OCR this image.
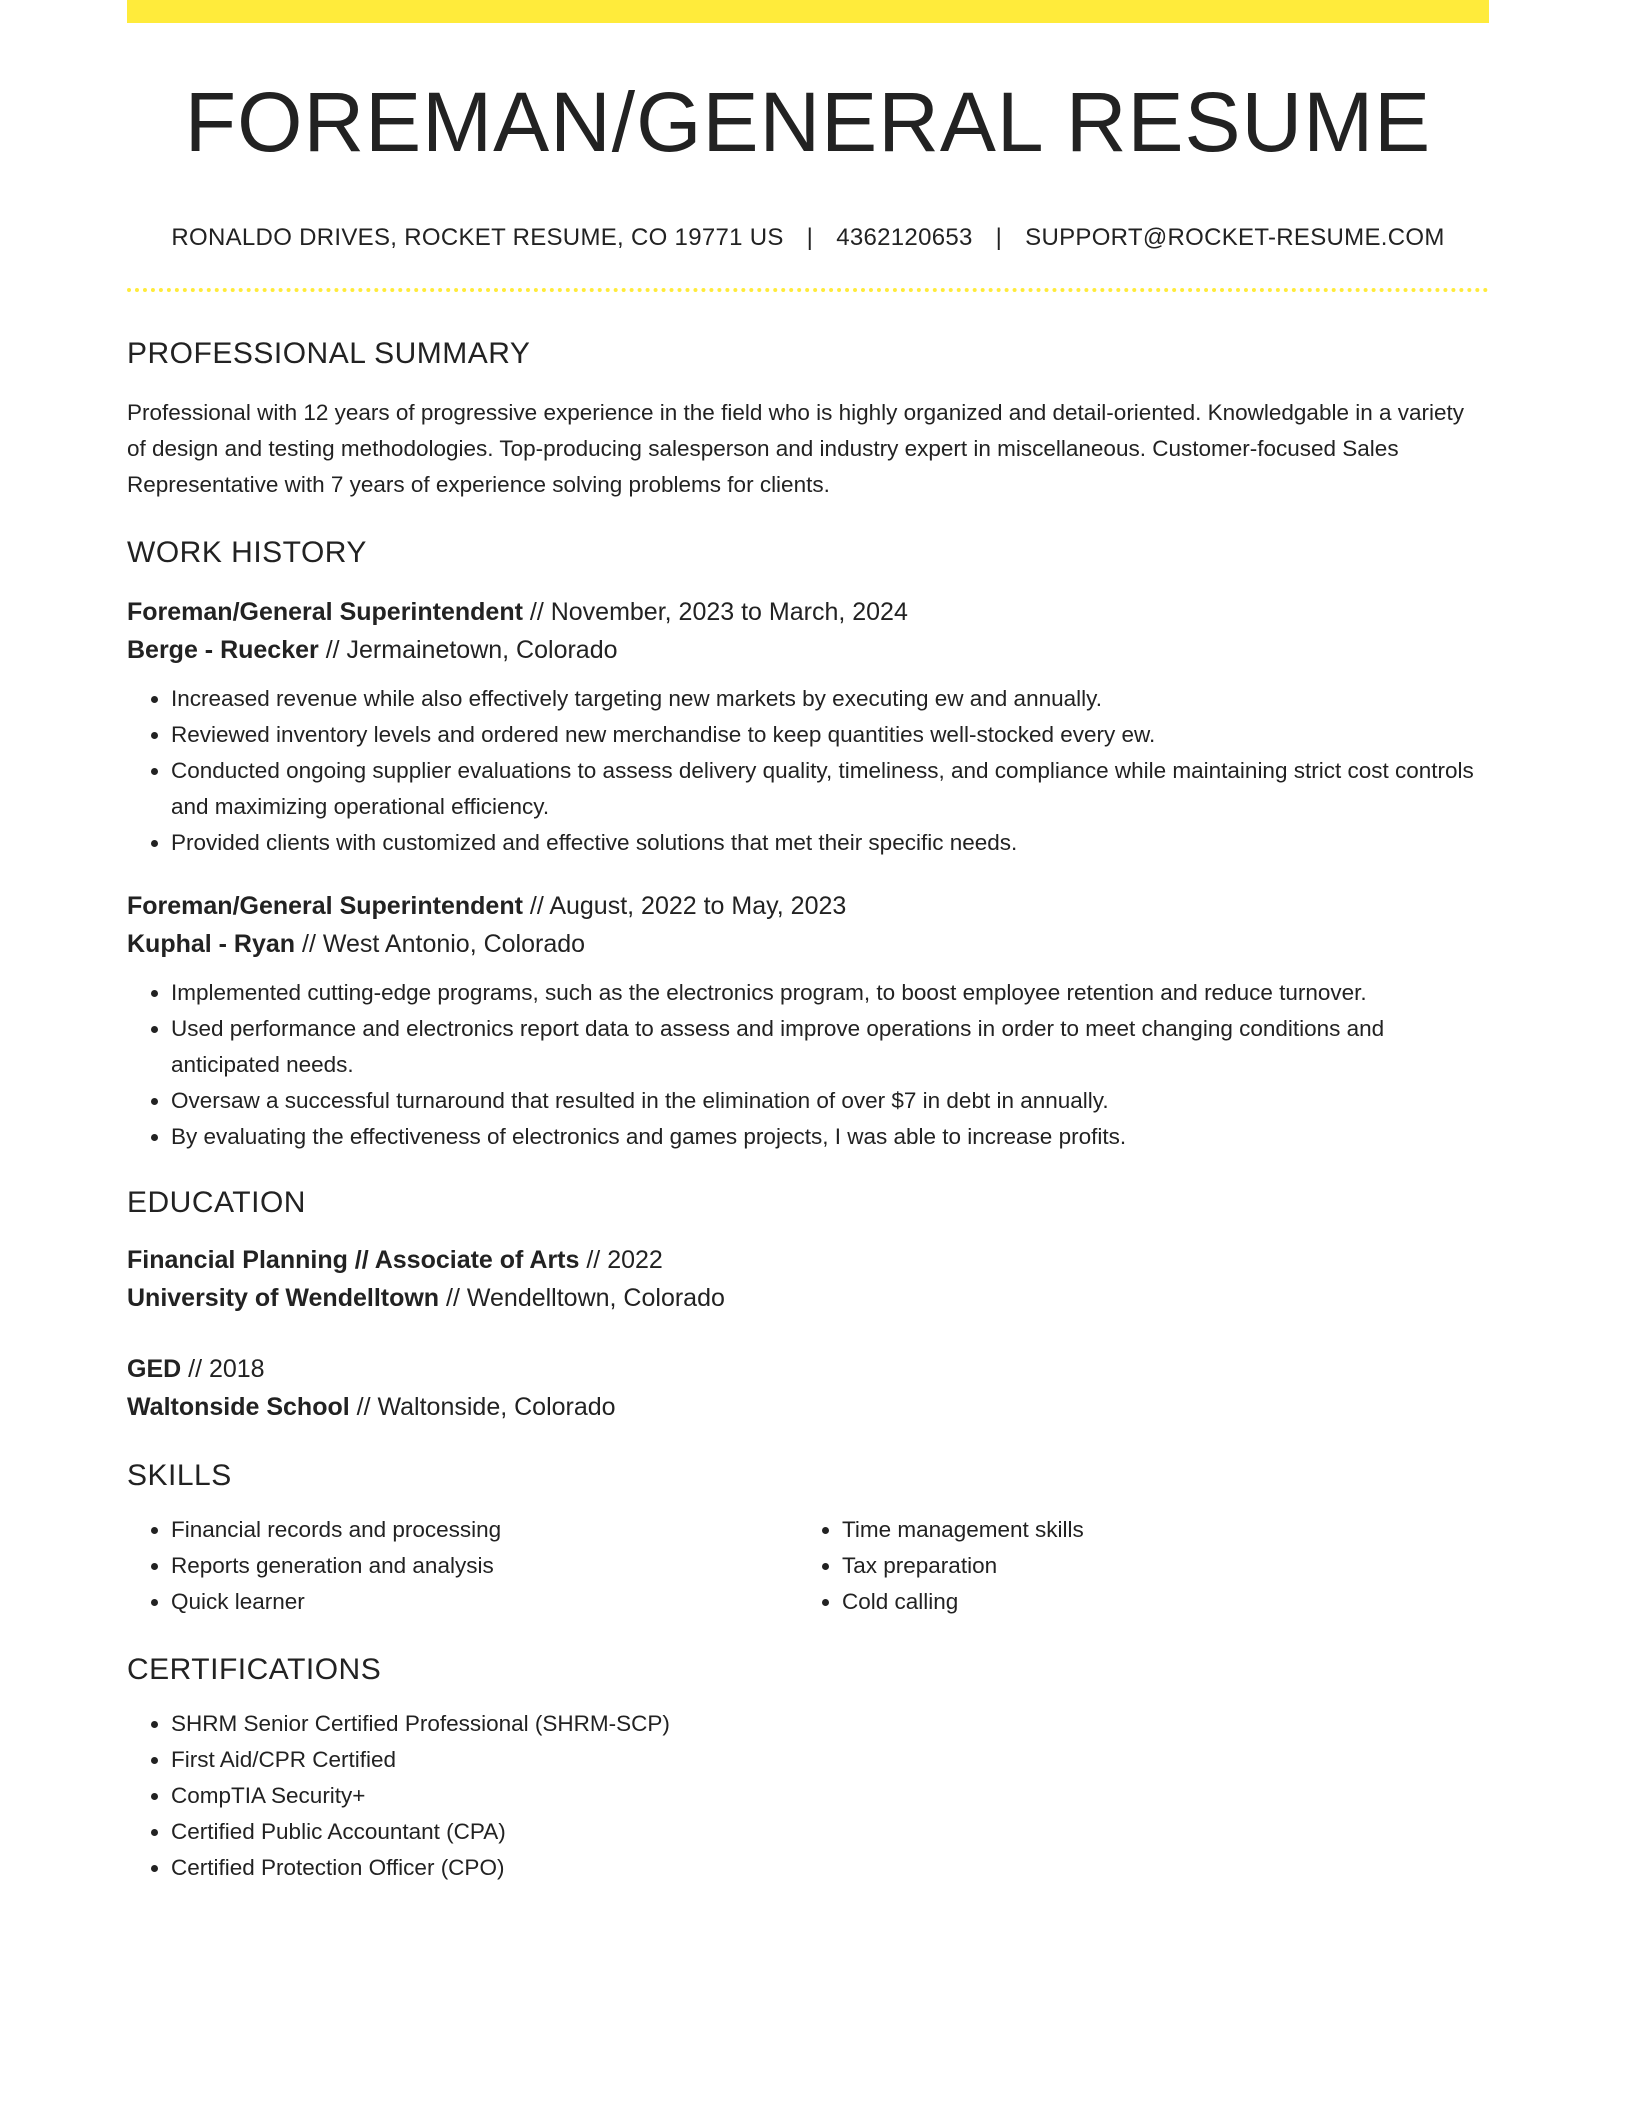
FOREMAN/GENERAL RESUME
RONALDO DRIVES, ROCKET RESUME, CO 19771 US | 4362120653 | SUPPORT@ROCKET-RESUME.COM
PROFESSIONAL SUMMARY
Professional with 12 years of progressive experience in the field who is highly organized and detail-oriented. Knowledgable in a variety of design and testing methodologies. Top-producing salesperson and industry expert in miscellaneous. Customer-focused Sales Representative with 7 years of experience solving problems for clients.
WORK HISTORY
Foreman/General Superintendent // November, 2023 to March, 2024
Berge - Ruecker // Jermainetown, Colorado
• Increased revenue while also effectively targeting new markets by executing ew and annually.
• Reviewed inventory levels and ordered new merchandise to keep quantities well-stocked every ew.
• Conducted ongoing supplier evaluations to assess delivery quality, timeliness, and compliance while maintaining strict cost controls and maximizing operational efficiency.
• Provided clients with customized and effective solutions that met their specific needs.
Foreman/General Superintendent // August, 2022 to May, 2023
Kuphal - Ryan // West Antonio, Colorado
• Implemented cutting-edge programs, such as the electronics program, to boost employee retention and reduce turnover.
• Used performance and electronics report data to assess and improve operations in order to meet changing conditions and anticipated needs.
• Oversaw a successful turnaround that resulted in the elimination of over $7 in debt in annually.
• By evaluating the effectiveness of electronics and games projects, I was able to increase profits.
EDUCATION
Financial Planning // Associate of Arts // 2022
University of Wendelltown // Wendelltown, Colorado
GED // 2018
Waltonside School // Waltonside, Colorado
SKILLS
• Financial records and processing
• Reports generation and analysis
• Quick learner
• Time management skills
• Tax preparation
• Cold calling
CERTIFICATIONS
• SHRM Senior Certified Professional (SHRM-SCP)
• First Aid/CPR Certified
• CompTIA Security+
• Certified Public Accountant (CPA)
• Certified Protection Officer (CPO)
